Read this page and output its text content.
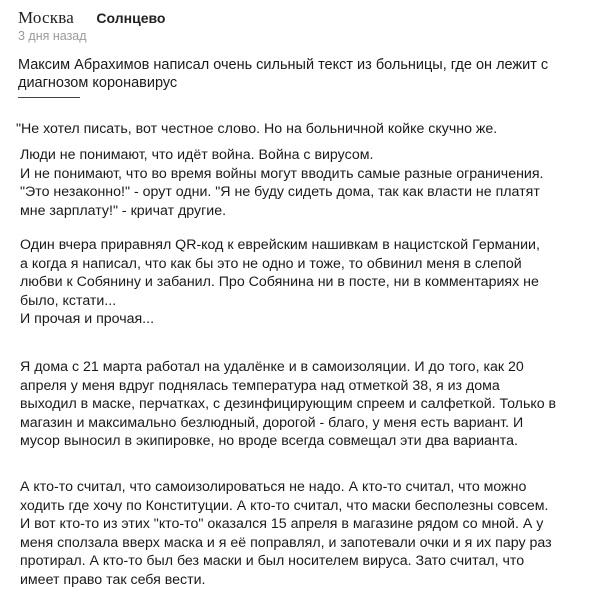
Москва Солнцево
3 дня назад
Максим Абрахимов написал очень сильный текст из больницы, где он лежит с диагнозом коронавирус

"Не хотел писать, вот честное слово. Но на больничной койке скучно же.

Люди не понимают, что идёт война. Война с вирусом.
И не понимают, что во время войны могут вводить самые разные ограничения.
"Это незаконно!" - орут одни. "Я не буду сидеть дома, так как власти не платят
мне зарплату!" - кричат другие.

Один вчера приравнял QR-код к еврейским нашивкам в нацистской Германии,
а когда я написал, что как бы это не одно и тоже, то обвинил меня в слепой
любви к Собянину и забанил. Про Собянина ни в посте, ни в комментариях не
было, кстати...
И прочая и прочая...

Я дома с 21 марта работал на удалёнке и в самоизоляции. И до того, как 20
апреля у меня вдруг поднялась температура над отметкой 38, я из дома
выходил в маске, перчатках, с дезинфицирующим спреем и салфеткой. Только в
магазин и максимально безлюдный, дорогой - благо, у меня есть вариант. И
мусор выносил в экипировке, но вроде всегда совмещал эти два варианта.

А кто-то считал, что самоизолироваться не надо. А кто-то считал, что можно
ходить где хочу по Конституции. А кто-то считал, что маски бесполезны совсем.
И вот кто-то из этих "кто-то" оказался 15 апреля в магазине рядом со мной. А у
меня сползала вверх маска и я её поправлял, и запотевали очки и я их пару раз
протирал. А кто-то был без маски и был носителем вируса. Зато считал, что
имеет право так себя вести.
